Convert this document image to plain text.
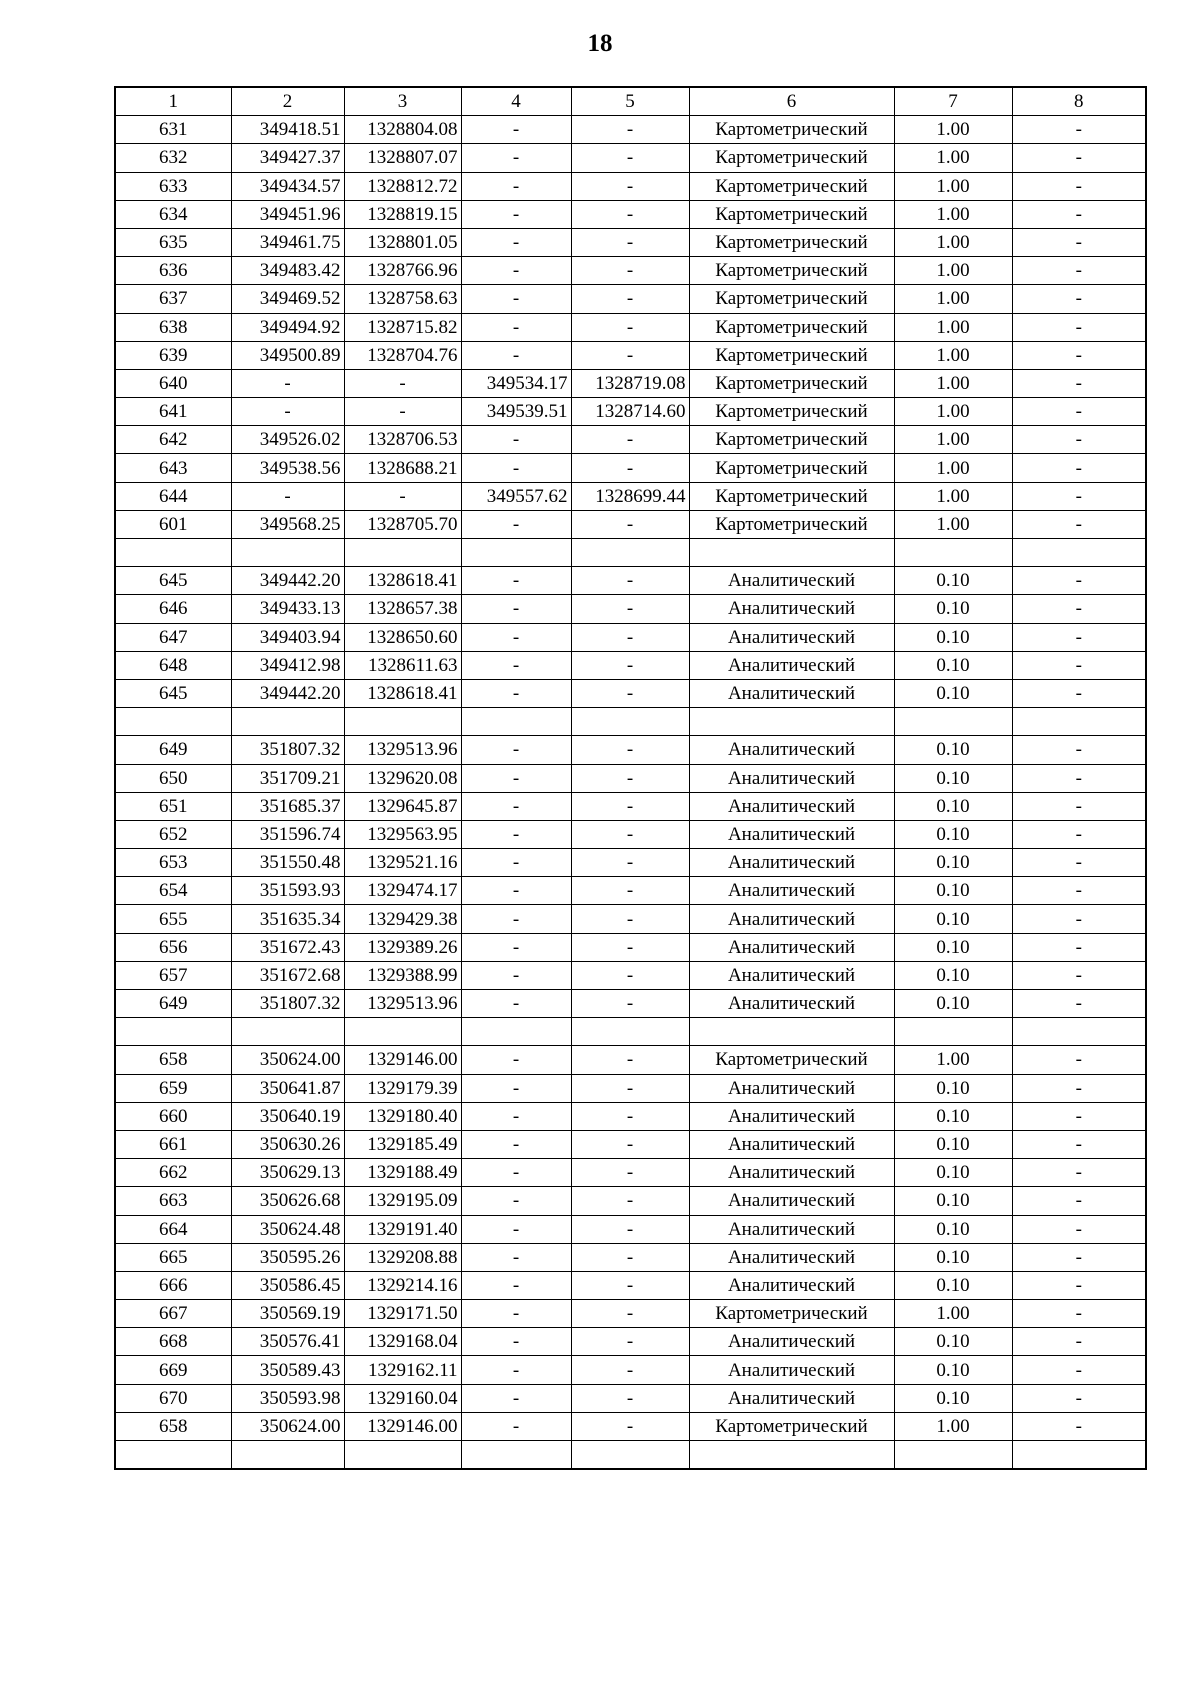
18
1	2	3	4	5	6	7	8
631	349418.51	1328804.08	-	-	Картометрический	1.00	-
632	349427.37	1328807.07	-	-	Картометрический	1.00	-
633	349434.57	1328812.72	-	-	Картометрический	1.00	-
634	349451.96	1328819.15	-	-	Картометрический	1.00	-
635	349461.75	1328801.05	-	-	Картометрический	1.00	-
636	349483.42	1328766.96	-	-	Картометрический	1.00	-
637	349469.52	1328758.63	-	-	Картометрический	1.00	-
638	349494.92	1328715.82	-	-	Картометрический	1.00	-
639	349500.89	1328704.76	-	-	Картометрический	1.00	-
640	-	-	349534.17	1328719.08	Картометрический	1.00	-
641	-	-	349539.51	1328714.60	Картометрический	1.00	-
642	349526.02	1328706.53	-	-	Картометрический	1.00	-
643	349538.56	1328688.21	-	-	Картометрический	1.00	-
644	-	-	349557.62	1328699.44	Картометрический	1.00	-
601	349568.25	1328705.70	-	-	Картометрический	1.00	-

645	349442.20	1328618.41	-	-	Аналитический	0.10	-
646	349433.13	1328657.38	-	-	Аналитический	0.10	-
647	349403.94	1328650.60	-	-	Аналитический	0.10	-
648	349412.98	1328611.63	-	-	Аналитический	0.10	-
645	349442.20	1328618.41	-	-	Аналитический	0.10	-

649	351807.32	1329513.96	-	-	Аналитический	0.10	-
650	351709.21	1329620.08	-	-	Аналитический	0.10	-
651	351685.37	1329645.87	-	-	Аналитический	0.10	-
652	351596.74	1329563.95	-	-	Аналитический	0.10	-
653	351550.48	1329521.16	-	-	Аналитический	0.10	-
654	351593.93	1329474.17	-	-	Аналитический	0.10	-
655	351635.34	1329429.38	-	-	Аналитический	0.10	-
656	351672.43	1329389.26	-	-	Аналитический	0.10	-
657	351672.68	1329388.99	-	-	Аналитический	0.10	-
649	351807.32	1329513.96	-	-	Аналитический	0.10	-

658	350624.00	1329146.00	-	-	Картометрический	1.00	-
659	350641.87	1329179.39	-	-	Аналитический	0.10	-
660	350640.19	1329180.40	-	-	Аналитический	0.10	-
661	350630.26	1329185.49	-	-	Аналитический	0.10	-
662	350629.13	1329188.49	-	-	Аналитический	0.10	-
663	350626.68	1329195.09	-	-	Аналитический	0.10	-
664	350624.48	1329191.40	-	-	Аналитический	0.10	-
665	350595.26	1329208.88	-	-	Аналитический	0.10	-
666	350586.45	1329214.16	-	-	Аналитический	0.10	-
667	350569.19	1329171.50	-	-	Картометрический	1.00	-
668	350576.41	1329168.04	-	-	Аналитический	0.10	-
669	350589.43	1329162.11	-	-	Аналитический	0.10	-
670	350593.98	1329160.04	-	-	Аналитический	0.10	-
658	350624.00	1329146.00	-	-	Картометрический	1.00	-
